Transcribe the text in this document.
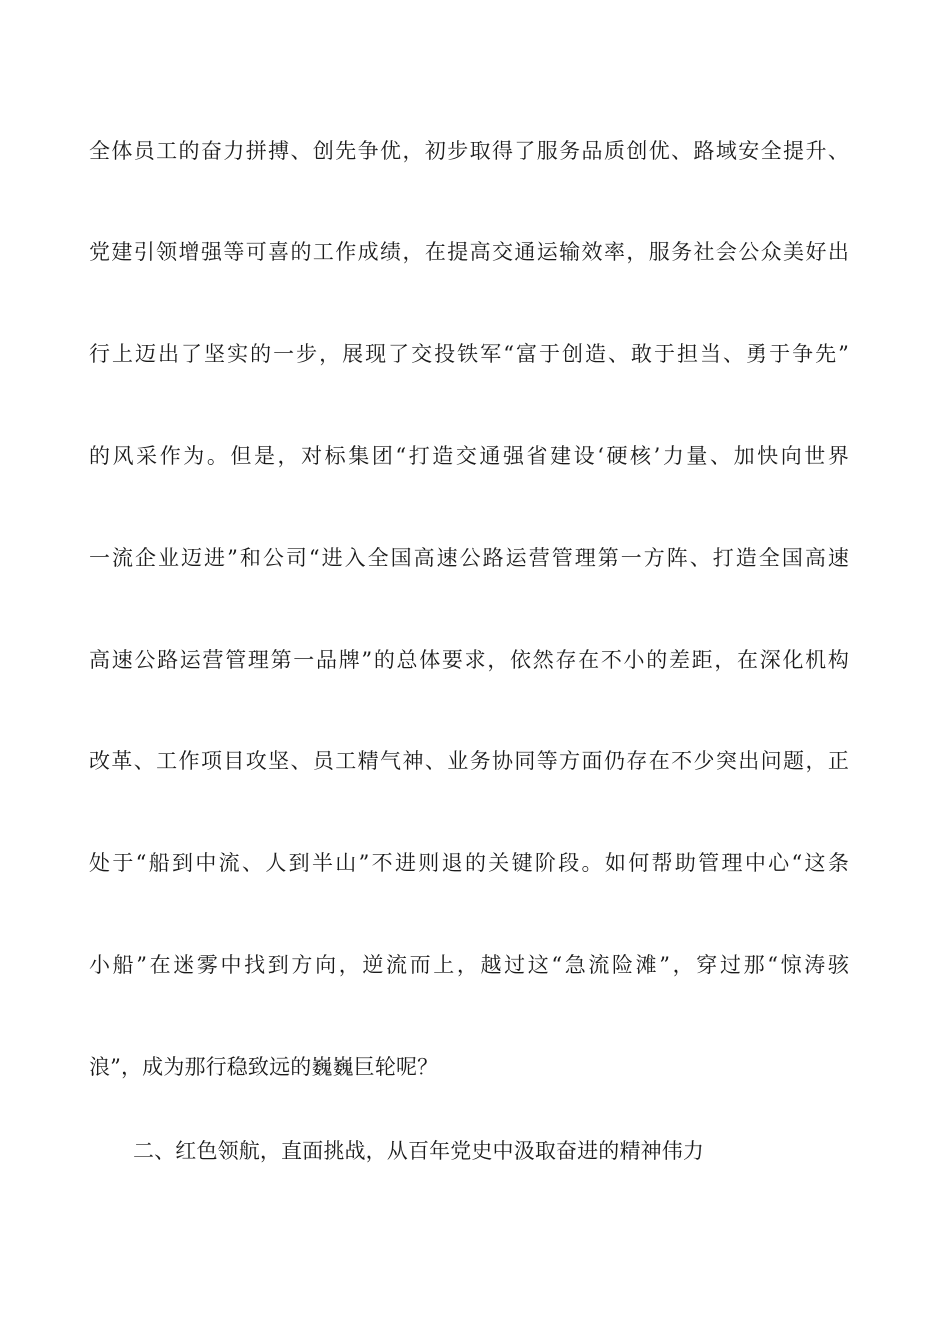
全体员工的奋力拼搏、创先争优，初步取得了服务品质创优、路域安全提升、
党建引领增强等可喜的工作成绩，在提高交通运输效率，服务社会公众美好出
行上迈出了坚实的一步，展现了交投铁军“富于创造、敢于担当、勇于争先”
的风采作为。但是，对标集团“打造交通强省建设‘硬核’力量、加快向世界
一流企业迈进”和公司“进入全国高速公路运营管理第一方阵、打造全国高速
高速公路运营管理第一品牌”的总体要求，依然存在不小的差距，在深化机构
改革、工作项目攻坚、员工精气神、业务协同等方面仍存在不少突出问题，正
处于“船到中流、人到半山”不进则退的关键阶段。如何帮助管理中心“这条
小船”在迷雾中找到方向，逆流而上，越过这“急流险滩”，穿过那“惊涛骇
浪”，成为那行稳致远的巍巍巨轮呢？
二、红色领航，直面挑战，从百年党史中汲取奋进的精神伟力
